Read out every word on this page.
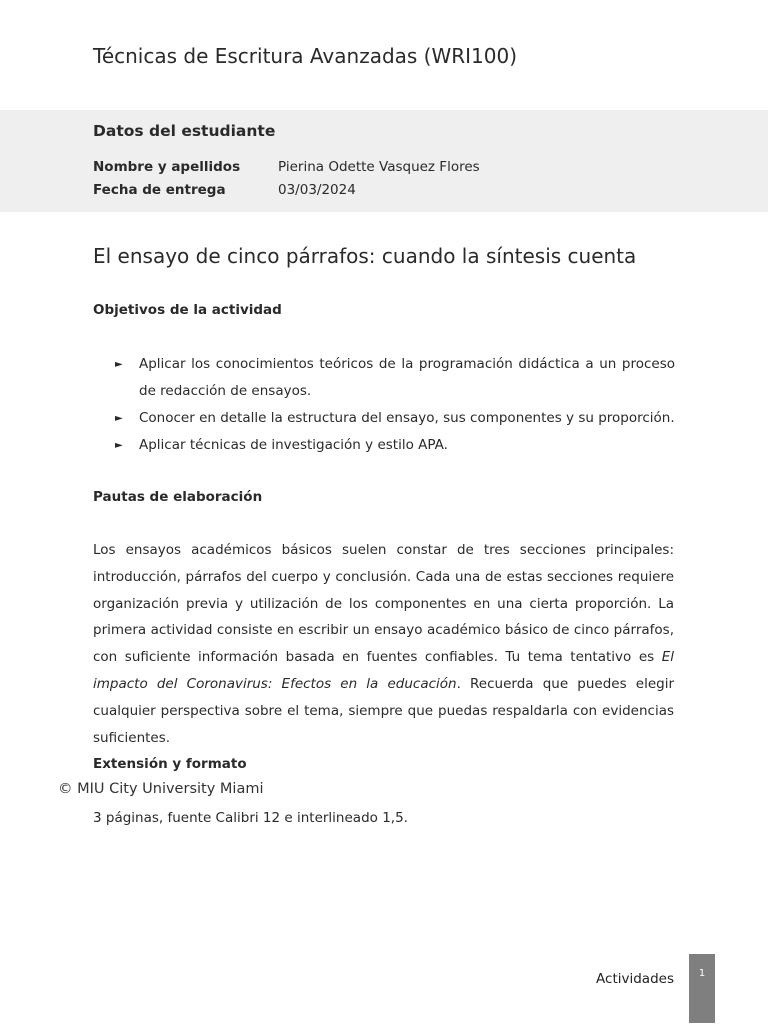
Técnicas de Escritura Avanzadas (WRI100)
Datos del estudiante
Nombre y apellidos	Pierina Odette Vasquez Flores
Fecha de entrega	03/03/2024
El ensayo de cinco párrafos: cuando la síntesis cuenta
Objetivos de la actividad
► Aplicar los conocimientos teóricos de la programación didáctica a un proceso de redacción de ensayos.
► Conocer en detalle la estructura del ensayo, sus componentes y su proporción.
► Aplicar técnicas de investigación y estilo APA.
Pautas de elaboración

Los ensayos académicos básicos suelen constar de tres secciones principales: introducción, párrafos del cuerpo y conclusión. Cada una de estas secciones requiere organización previa y utilización de los componentes en una cierta proporción. La primera actividad consiste en escribir un ensayo académico básico de cinco párrafos, con suficiente información basada en fuentes confiables. Tu tema tentativo es El impacto del Coronavirus: Efectos en la educación. Recuerda que puedes elegir cualquier perspectiva sobre el tema, siempre que puedas respaldarla con evidencias suficientes.

Extensión y formato
© MIU City University Miami
3 páginas, fuente Calibri 12 e interlineado 1,5.
Actividades	1
